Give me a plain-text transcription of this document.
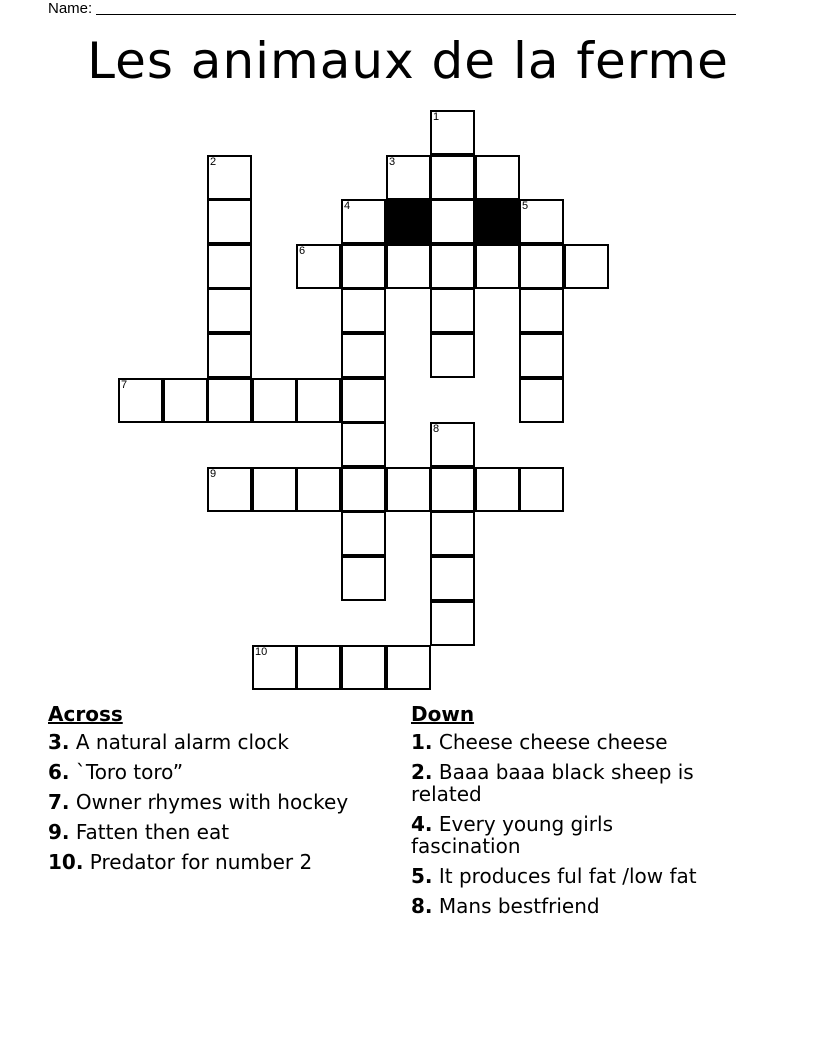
Name:
Les animaux de la ferme
1
2	3
4	5
6
7
8
9
10
Across
3. A natural alarm clock
6. `Toro toro”
7. Owner rhymes with hockey
9. Fatten then eat
10. Predator for number 2
Down
1. Cheese cheese cheese
2. Baaa baaa black sheep is related
4. Every young girls fascination
5. It produces ful fat /low fat
8. Mans bestfriend
